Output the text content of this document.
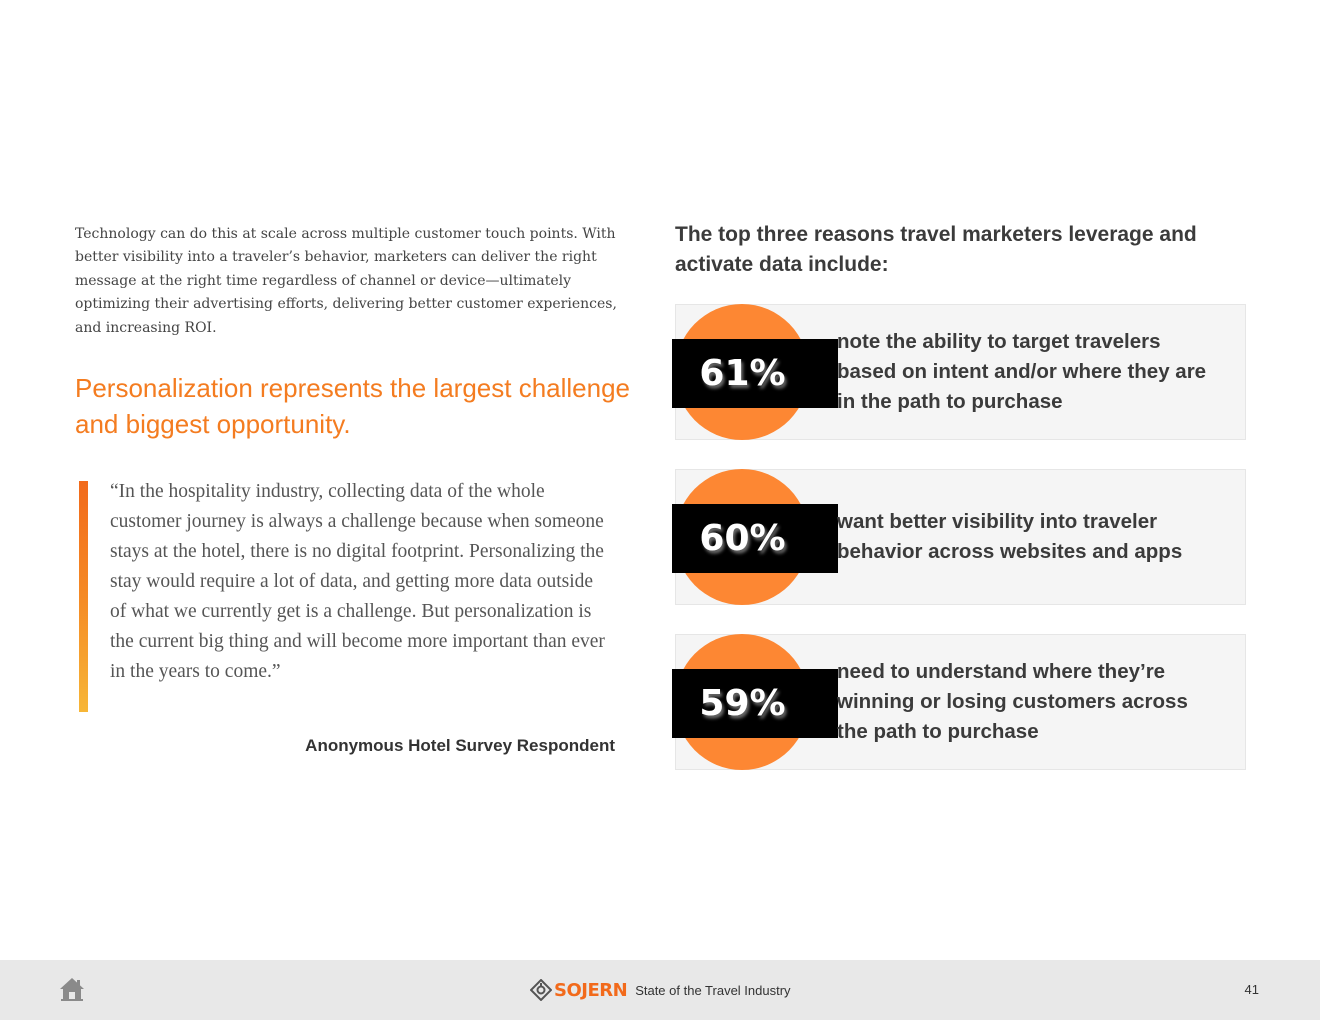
Technology can do this at scale across multiple customer touch points. With better visibility into a traveler’s behavior, marketers can deliver the right message at the right time regardless of channel or device—ultimately optimizing their advertising efforts, delivering better customer experiences, and increasing ROI.

Personalization represents the largest challenge and biggest opportunity.

“In the hospitality industry, collecting data of the whole customer journey is always a challenge because when someone stays at the hotel, there is no digital footprint. Personalizing the stay would require a lot of data, and getting more data outside of what we currently get is a challenge. But personalization is the current big thing and will become more important than ever in the years to come.”

Anonymous Hotel Survey Respondent

The top three reasons travel marketers leverage and activate data include:
61%

note the ability to target travelers based on intent and/or where they are in the path to purchase

60%	want better visibility into traveler behavior across websites and apps

59%

need to understand where they’re winning or losing customers across the path to purchase

SOJERN State of the Travel Industry	41
